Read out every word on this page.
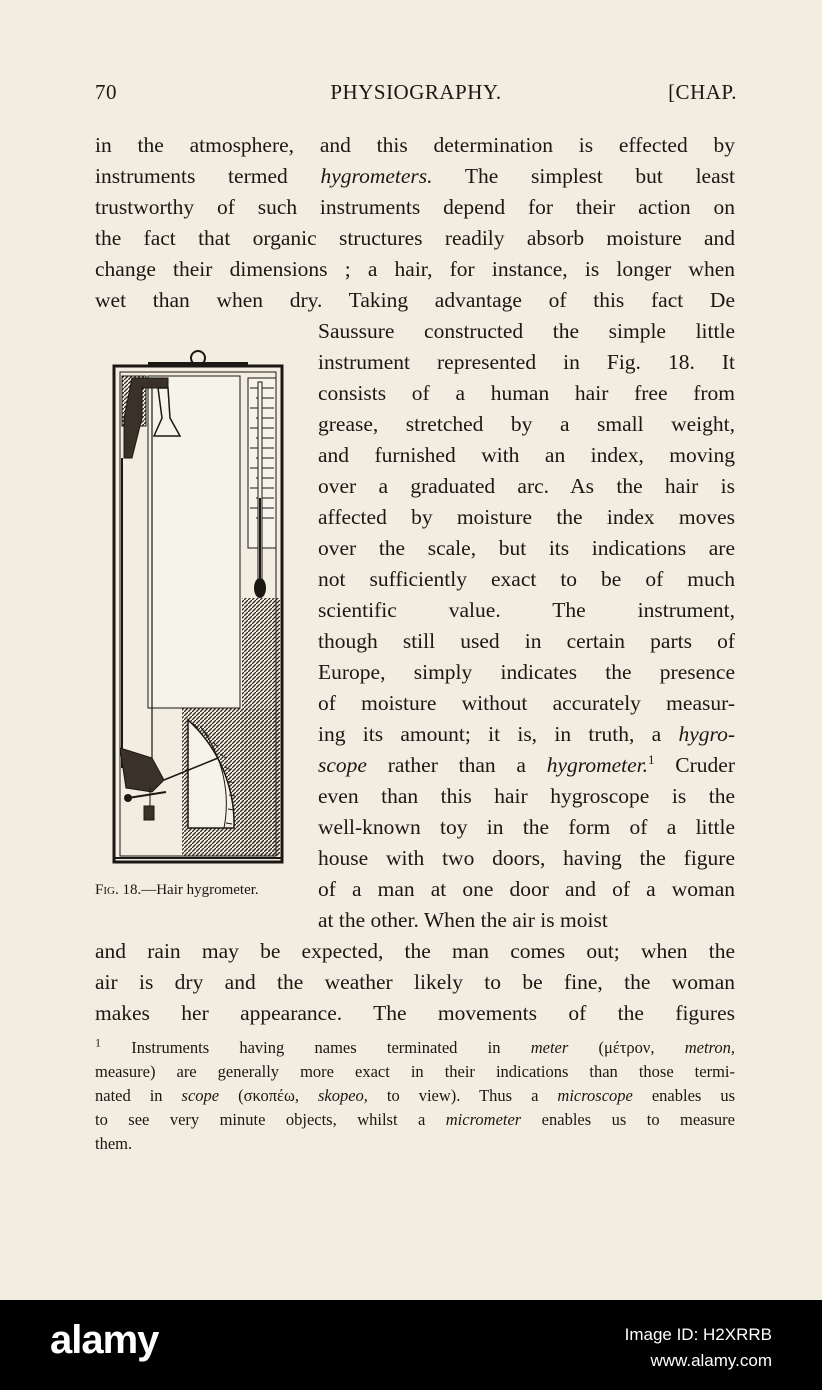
70	PHYSIOGRAPHY.	[CHAP.
in the atmosphere, and this determination is effected by
instruments termed hygrometers. The simplest but least
trustworthy of such instruments depend for their action on
the fact that organic structures readily absorb moisture and
change their dimensions ; a hair, for instance, is longer when
wet than when dry. Taking advantage of this fact De
Saussure constructed the simple little
instrument represented in Fig. 18. It
consists of a human hair free from
grease, stretched by a small weight,
and furnished with an index, moving
over a graduated arc. As the hair is
affected by moisture the index moves
over the scale, but its indications are
not sufficiently exact to be of much
scientific value. The instrument,
though still used in certain parts of
Europe, simply indicates the presence
of moisture without accurately measur-
ing its amount; it is, in truth, a hygro-
scope rather than a hygrometer.$^1$ Cruder
even than this hair hygroscope is the
well-known toy in the form of a little
house with two doors, having the figure
of a man at one door and of a woman
at the other. When the air is moist
and rain may be expected, the man comes out; when the
air is dry and the weather likely to be fine, the woman
makes her appearance. The movements of the figures
Fig. 18.—Hair hygrometer.
$^1$ Instruments having names terminated in meter (μέτρον, metron,
measure) are generally more exact in their indications than those termi-
nated in scope (σκοπέω, skopeo, to view). Thus a microscope enables us
to see very minute objects, whilst a micrometer enables us to measure
them.
alamy	Image ID: H2XRRB
www.alamy.com
